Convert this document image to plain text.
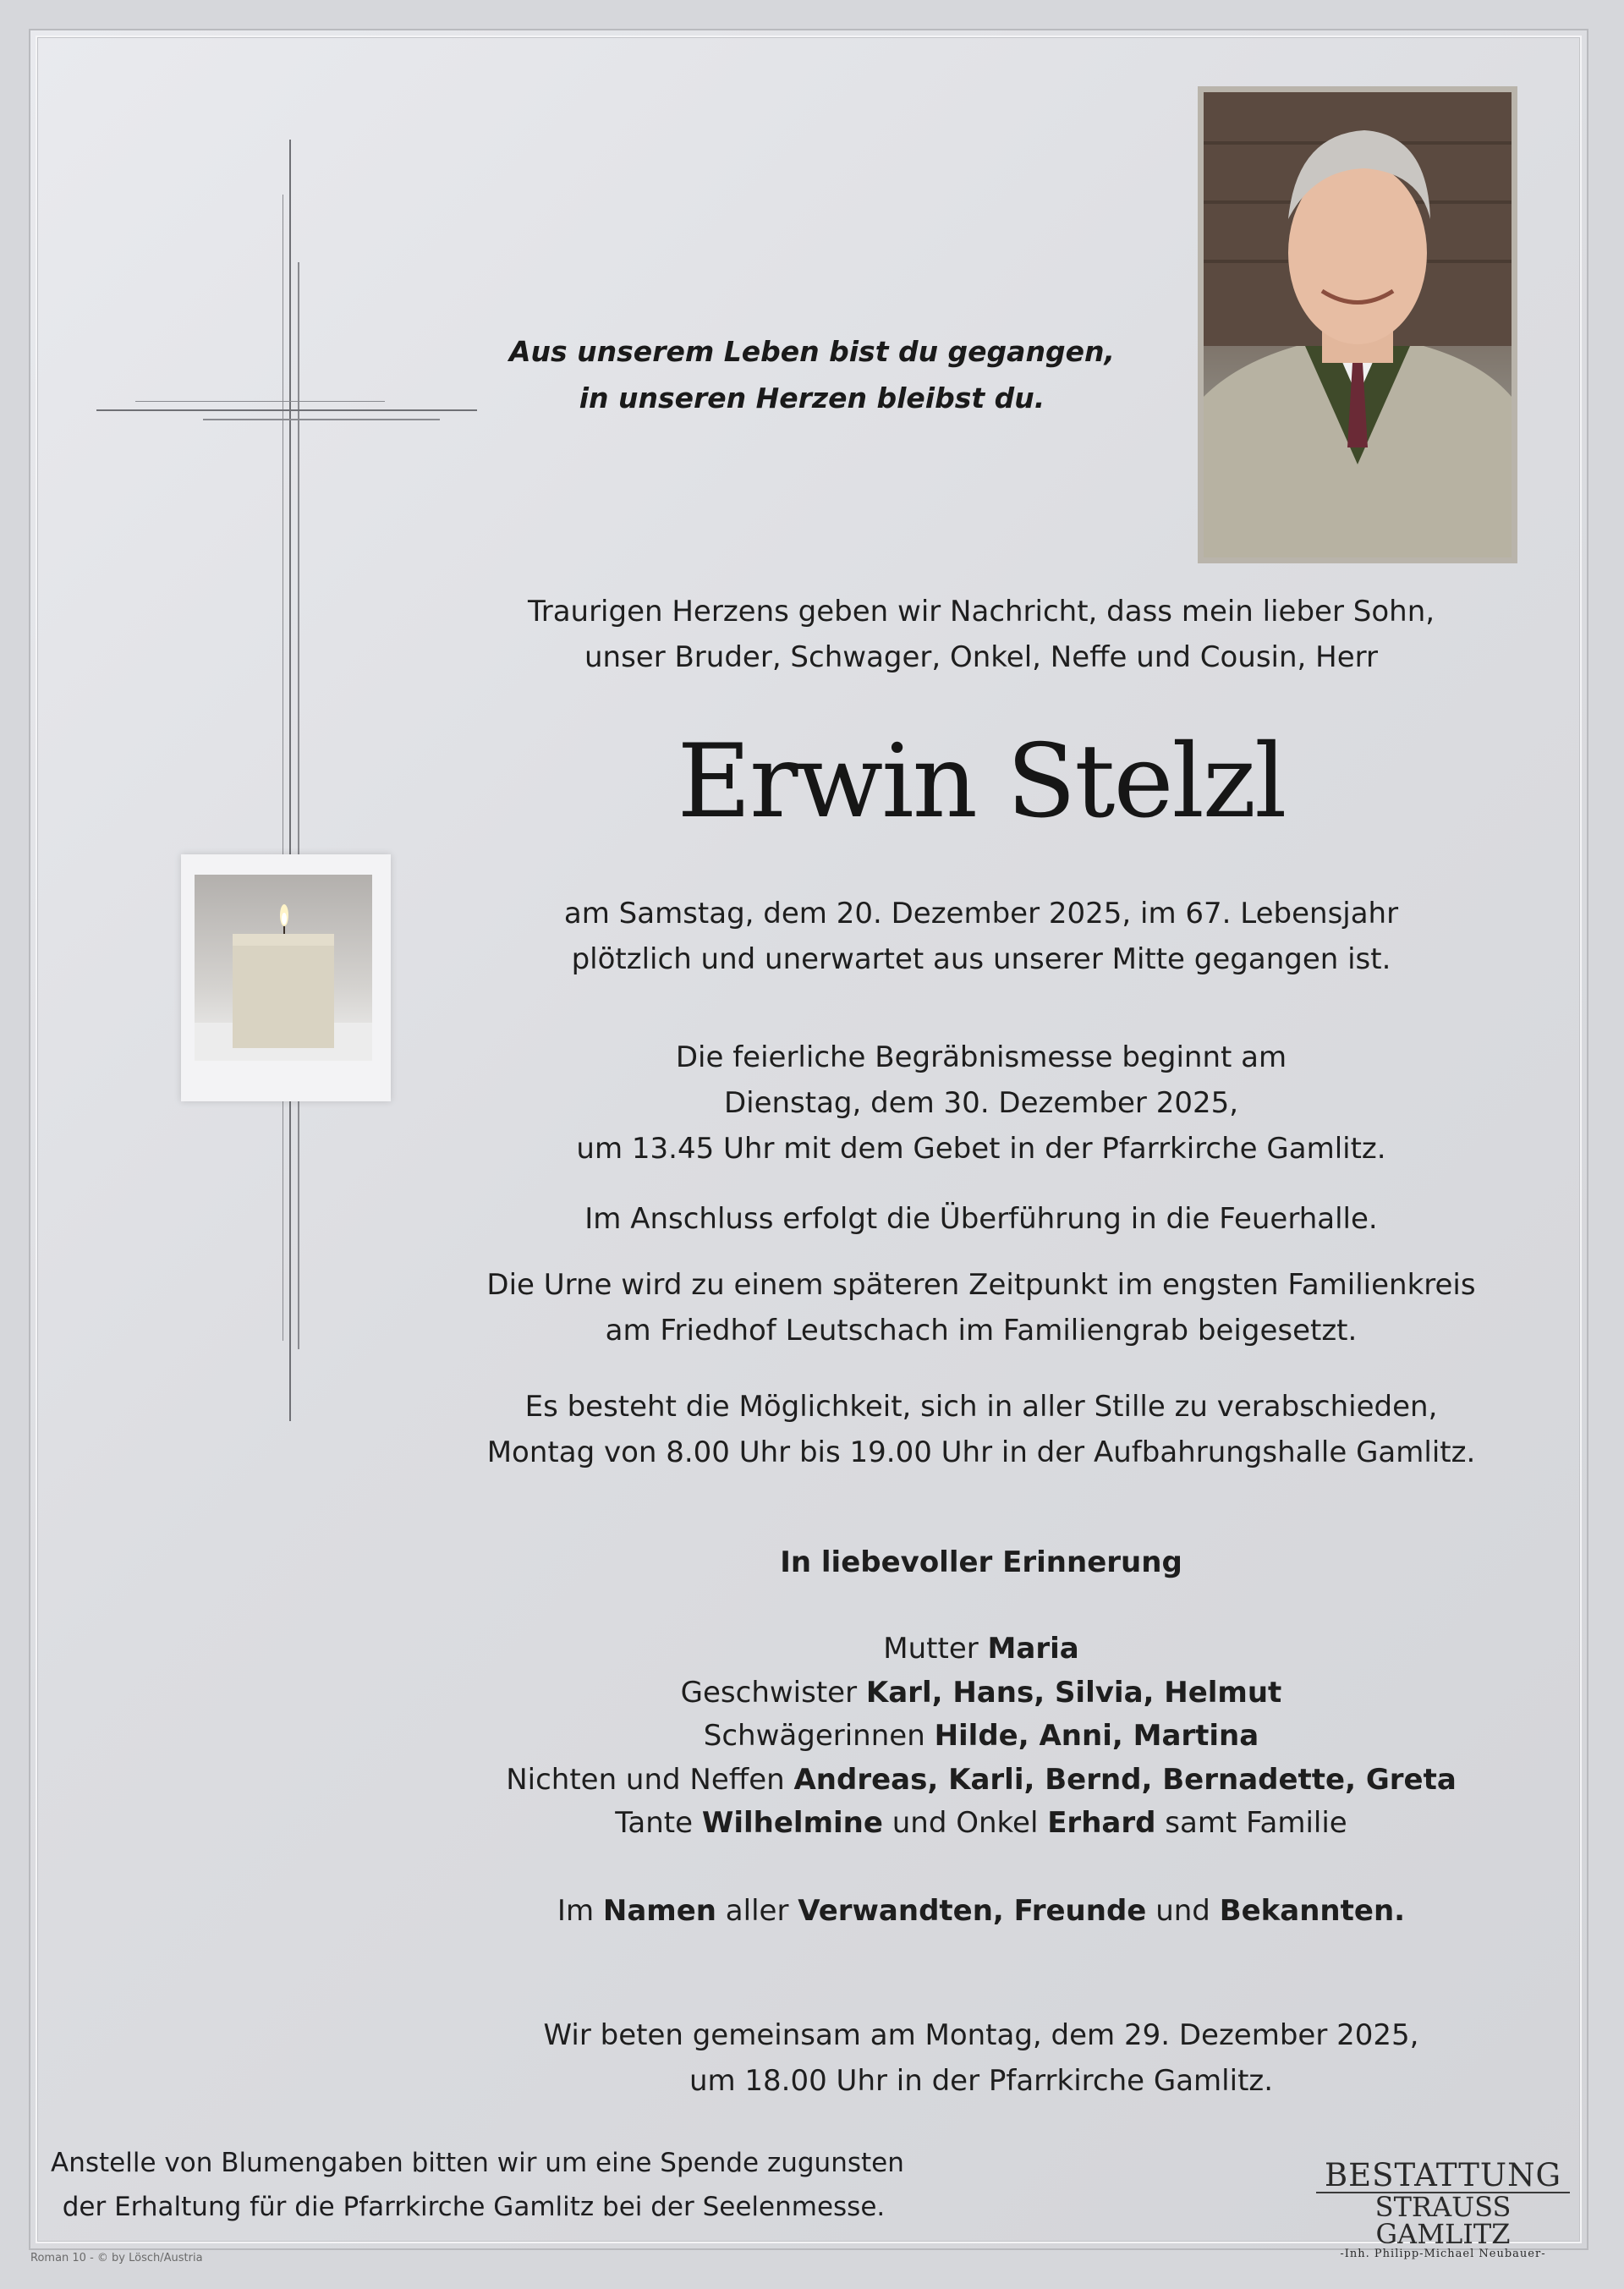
Aus unserem Leben bist du gegangen,
in unseren Herzen bleibst du.
Traurigen Herzens geben wir Nachricht, dass mein lieber Sohn,
unser Bruder, Schwager, Onkel, Neffe und Cousin, Herr
Erwin Stelzl
am Samstag, dem 20. Dezember 2025, im 67. Lebensjahr
plötzlich und unerwartet aus unserer Mitte gegangen ist.
Die feierliche Begräbnismesse beginnt am
Dienstag, dem 30. Dezember 2025,
um 13.45 Uhr mit dem Gebet in der Pfarrkirche Gamlitz.
Im Anschluss erfolgt die Überführung in die Feuerhalle.
Die Urne wird zu einem späteren Zeitpunkt im engsten Familienkreis
am Friedhof Leutschach im Familiengrab beigesetzt.
Es besteht die Möglichkeit, sich in aller Stille zu verabschieden,
Montag von 8.00 Uhr bis 19.00 Uhr in der Aufbahrungshalle Gamlitz.
In liebevoller Erinnerung
Mutter Maria
Geschwister Karl, Hans, Silvia, Helmut
Schwägerinnen Hilde, Anni, Martina
Nichten und Neffen Andreas, Karli, Bernd, Bernadette, Greta
Tante Wilhelmine und Onkel Erhard samt Familie
Im Namen aller Verwandten, Freunde und Bekannten.
Wir beten gemeinsam am Montag, dem 29. Dezember 2025,
um 18.00 Uhr in der Pfarrkirche Gamlitz.
Anstelle von Blumengaben bitten wir um eine Spende zugunsten
der Erhaltung für die Pfarrkirche Gamlitz bei der Seelenmesse.
BESTATTUNG
STRAUSS GAMLITZ
-Inh. Philipp-Michael Neubauer-
Roman 10 - © by Lösch/Austria
